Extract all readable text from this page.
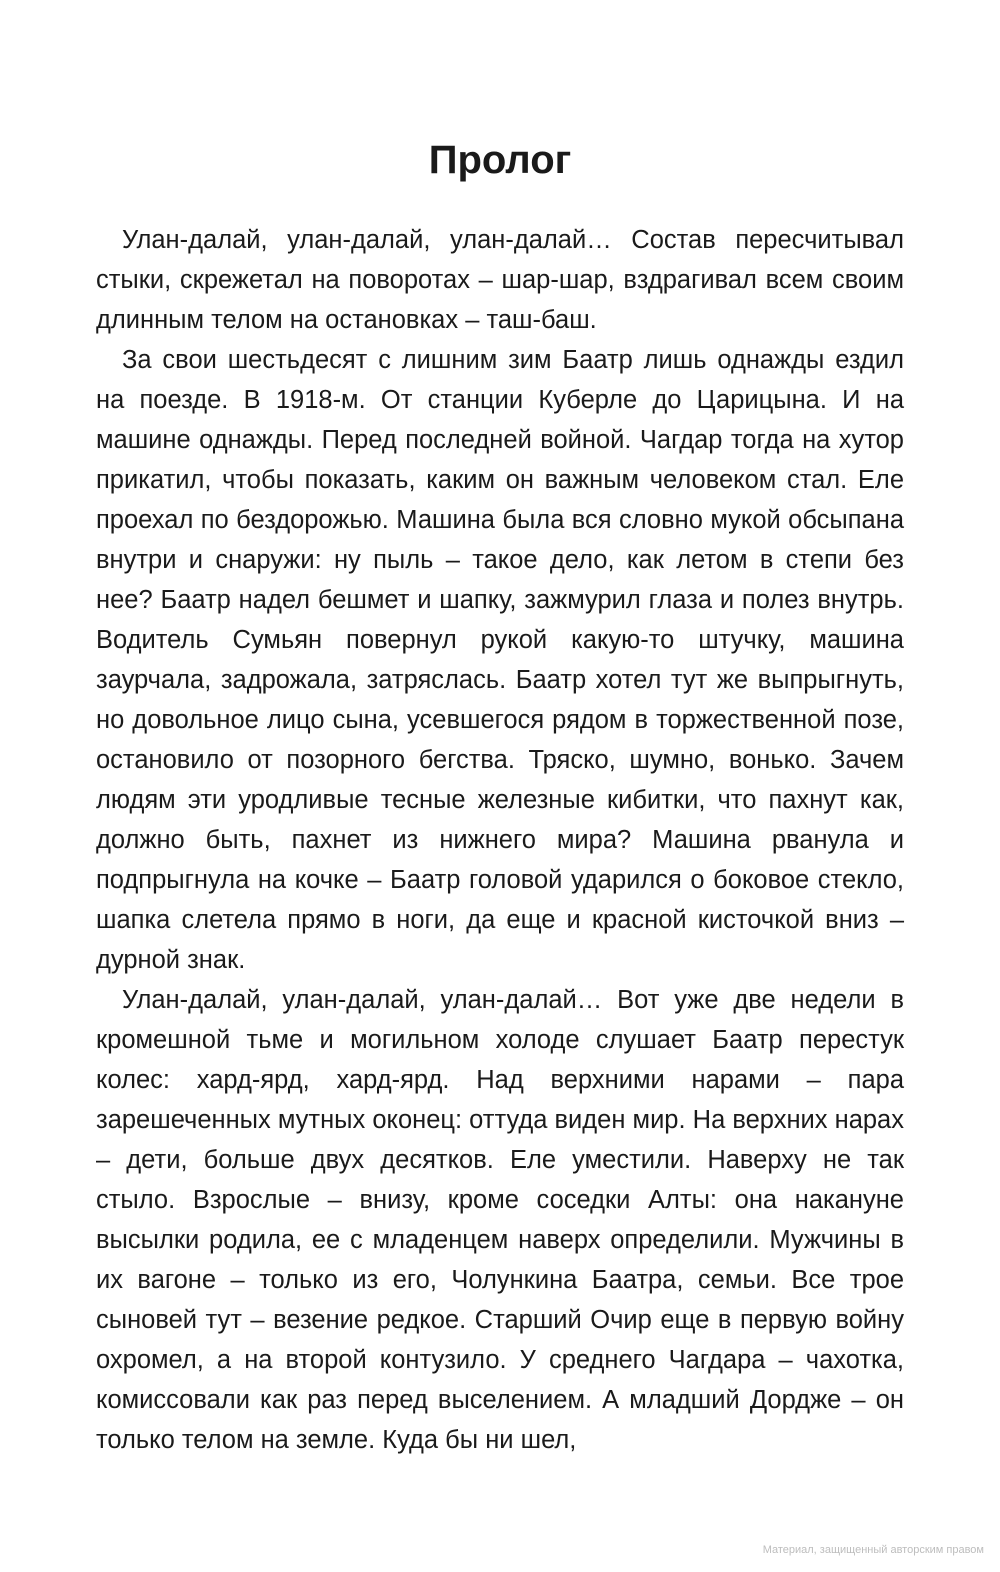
Пролог

Улан-далай, улан-далай, улан-далай… Состав пересчитывал стыки, скрежетал на поворотах – шар-шар, вздрагивал всем своим длинным телом на остановках – таш-баш.

За свои шестьдесят с лишним зим Баатр лишь однажды ездил на поезде. В 1918-м. От станции Куберле до Царицына. И на машине однажды. Перед последней войной. Чагдар тогда на хутор прикатил, чтобы показать, каким он важным человеком стал. Еле проехал по бездорожью. Машина была вся словно мукой обсыпана внутри и снаружи: ну пыль – такое дело, как летом в степи без нее? Баатр надел бешмет и шапку, зажмурил глаза и полез внутрь. Водитель Сумьян повернул рукой какую-то штучку, машина заурчала, задрожала, затряслась. Баатр хотел тут же выпрыгнуть, но довольное лицо сына, усевшегося рядом в торжественной позе, остановило от позорного бегства. Тряско, шумно, вонько. Зачем людям эти уродливые тесные железные кибитки, что пахнут как, должно быть, пахнет из нижнего мира? Машина рванула и подпрыгнула на кочке – Баатр головой ударился о боковое стекло, шапка слетела прямо в ноги, да еще и красной кисточкой вниз – дурной знак.

Улан-далай, улан-далай, улан-далай… Вот уже две недели в кромешной тьме и могильном холоде слушает Баатр перестук колес: хард-ярд, хард-ярд. Над верхними нарами – пара зарешеченных мутных оконец: оттуда виден мир. На верхних нарах – дети, больше двух десятков. Еле уместили. Наверху не так стыло. Взрослые – внизу, кроме соседки Алты: она накануне высылки родила, ее с младенцем наверх определили. Мужчины в их вагоне – только из его, Чолункина Баатра, семьи. Все трое сыновей тут – везение редкое. Старший Очир еще в первую войну охромел, а на второй контузило. У среднего Чагдара – чахотка, комиссовали как раз перед выселением. А младший Дордже – он только телом на земле. Куда бы ни шел,

Материал, защищенный авторским правом
